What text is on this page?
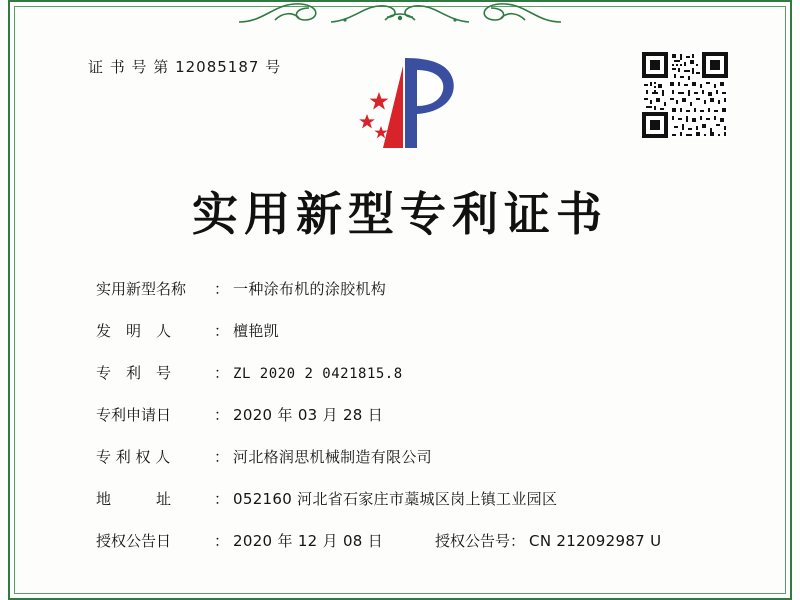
证 书 号 第 12085187 号
实用新型专利证书
实用新型名称	： 一种涂布机的涂胶机构
发　明　人	： 檀艳凯
专　利　号	： ZL 2020 2 0421815.8
专利申请日	： 2020 年 03 月 28 日
专 利 权 人	： 河北格润思机械制造有限公司
地　　　址	： 052160 河北省石家庄市藁城区岗上镇工业园区
授权公告日	： 2020 年 12 月 08 日	授权公告号 ： CN 212092987 U
